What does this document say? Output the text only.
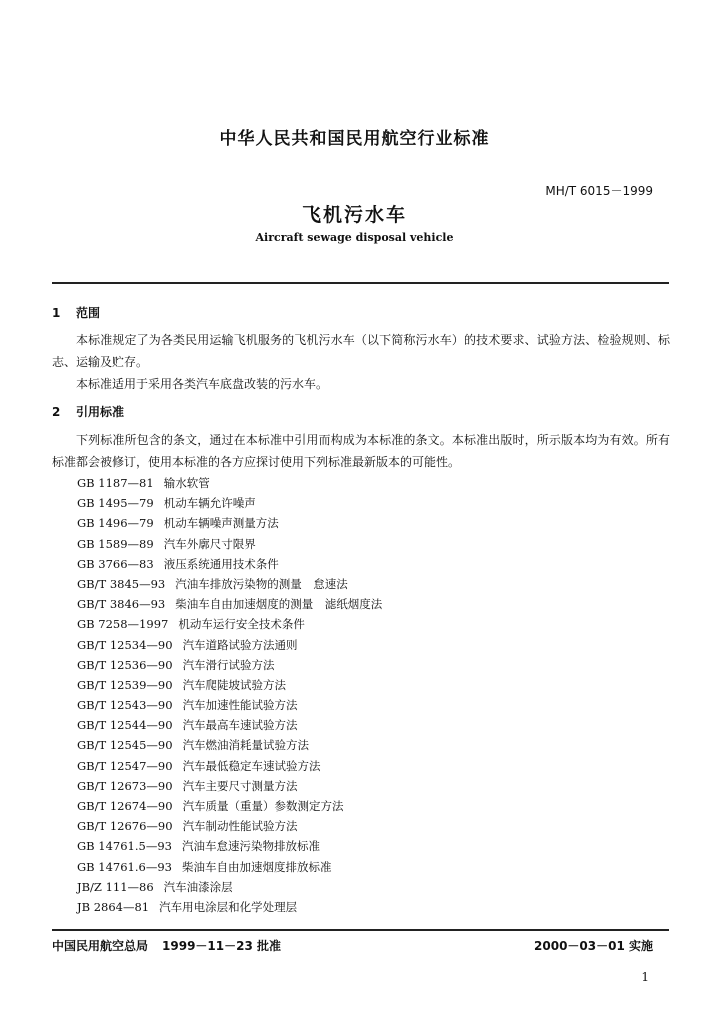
中华人民共和国民用航空行业标准
MH/T 6015－1999
飞机污水车
Aircraft sewage disposal vehicle
1 范围
本标准规定了为各类民用运输飞机服务的飞机污水车（以下简称污水车）的技术要求、试验方法、检验规则、标志、运输及贮存。
本标准适用于采用各类汽车底盘改装的污水车。
2 引用标准
下列标准所包含的条文，通过在本标准中引用而构成为本标准的条文。本标准出版时，所示版本均为有效。所有标准都会被修订，使用本标准的各方应探讨使用下列标准最新版本的可能性。
GB 1187—81 输水软管
GB 1495—79 机动车辆允许噪声
GB 1496—79 机动车辆噪声测量方法
GB 1589—89 汽车外廓尺寸限界
GB 3766—83 液压系统通用技术条件
GB/T 3845—93 汽油车排放污染物的测量　怠速法
GB/T 3846—93 柴油车自由加速烟度的测量　滤纸烟度法
GB 7258—1997 机动车运行安全技术条件
GB/T 12534—90 汽车道路试验方法通则
GB/T 12536—90 汽车滑行试验方法
GB/T 12539—90 汽车爬陡坡试验方法
GB/T 12543—90 汽车加速性能试验方法
GB/T 12544—90 汽车最高车速试验方法
GB/T 12545—90 汽车燃油消耗量试验方法
GB/T 12547—90 汽车最低稳定车速试验方法
GB/T 12673—90 汽车主要尺寸测量方法
GB/T 12674—90 汽车质量（重量）参数测定方法
GB/T 12676—90 汽车制动性能试验方法
GB 14761.5—93 汽油车怠速污染物排放标准
GB 14761.6—93 柴油车自由加速烟度排放标准
JB/Z 111—86 汽车油漆涂层
JB 2864—81 汽车用电涂层和化学处理层
中国民用航空总局 1999－11－23 批准	2000－03－01 实施
1
